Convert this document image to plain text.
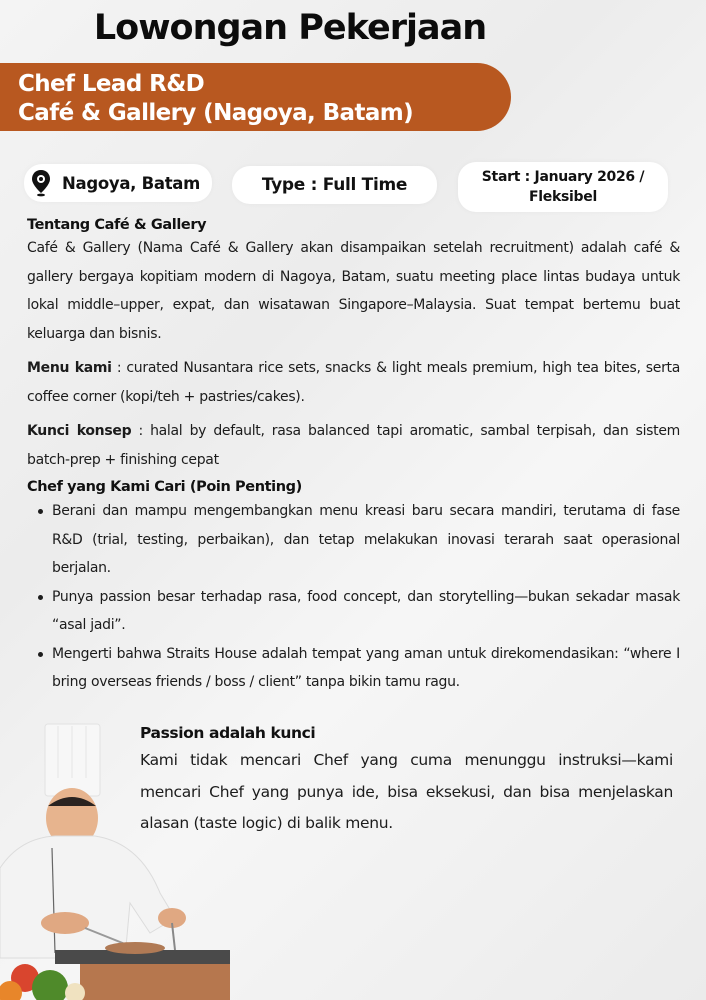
Lowongan Pekerjaan
Chef Lead R&D
Café & Gallery (Nagoya, Batam)
Nagoya, Batam	Type : Full Time	Start : January 2026 /
Fleksibel
Tentang Café & Gallery

Café & Gallery (Nama Café & Gallery akan disampaikan setelah recruitment) adalah café & gallery bergaya kopitiam modern di Nagoya, Batam, suatu meeting place lintas budaya untuk lokal middle–upper, expat, dan wisatawan Singapore–Malaysia. Suat tempat bertemu buat keluarga dan bisnis.

Menu kami : curated Nusantara rice sets, snacks & light meals premium, high tea bites, serta coffee corner (kopi/teh + pastries/cakes).

Kunci konsep : halal by default, rasa balanced tapi aromatic, sambal terpisah, dan sistem batch-prep + finishing cepat

Chef yang Kami Cari (Poin Penting)
Berani dan mampu mengembangkan menu kreasi baru secara mandiri, terutama di fase R&D (trial, testing, perbaikan), dan tetap melakukan inovasi terarah saat operasional berjalan.
Punya passion besar terhadap rasa, food concept, dan storytelling—bukan sekadar masak “asal jadi”.
Mengerti bahwa Straits House adalah tempat yang aman untuk direkomendasikan: “where I bring overseas friends / boss / client” tanpa bikin tamu ragu.
Passion adalah kunci

Kami tidak mencari Chef yang cuma menunggu instruksi—kami mencari Chef yang punya ide, bisa eksekusi, dan bisa menjelaskan alasan (taste logic) di balik menu.
